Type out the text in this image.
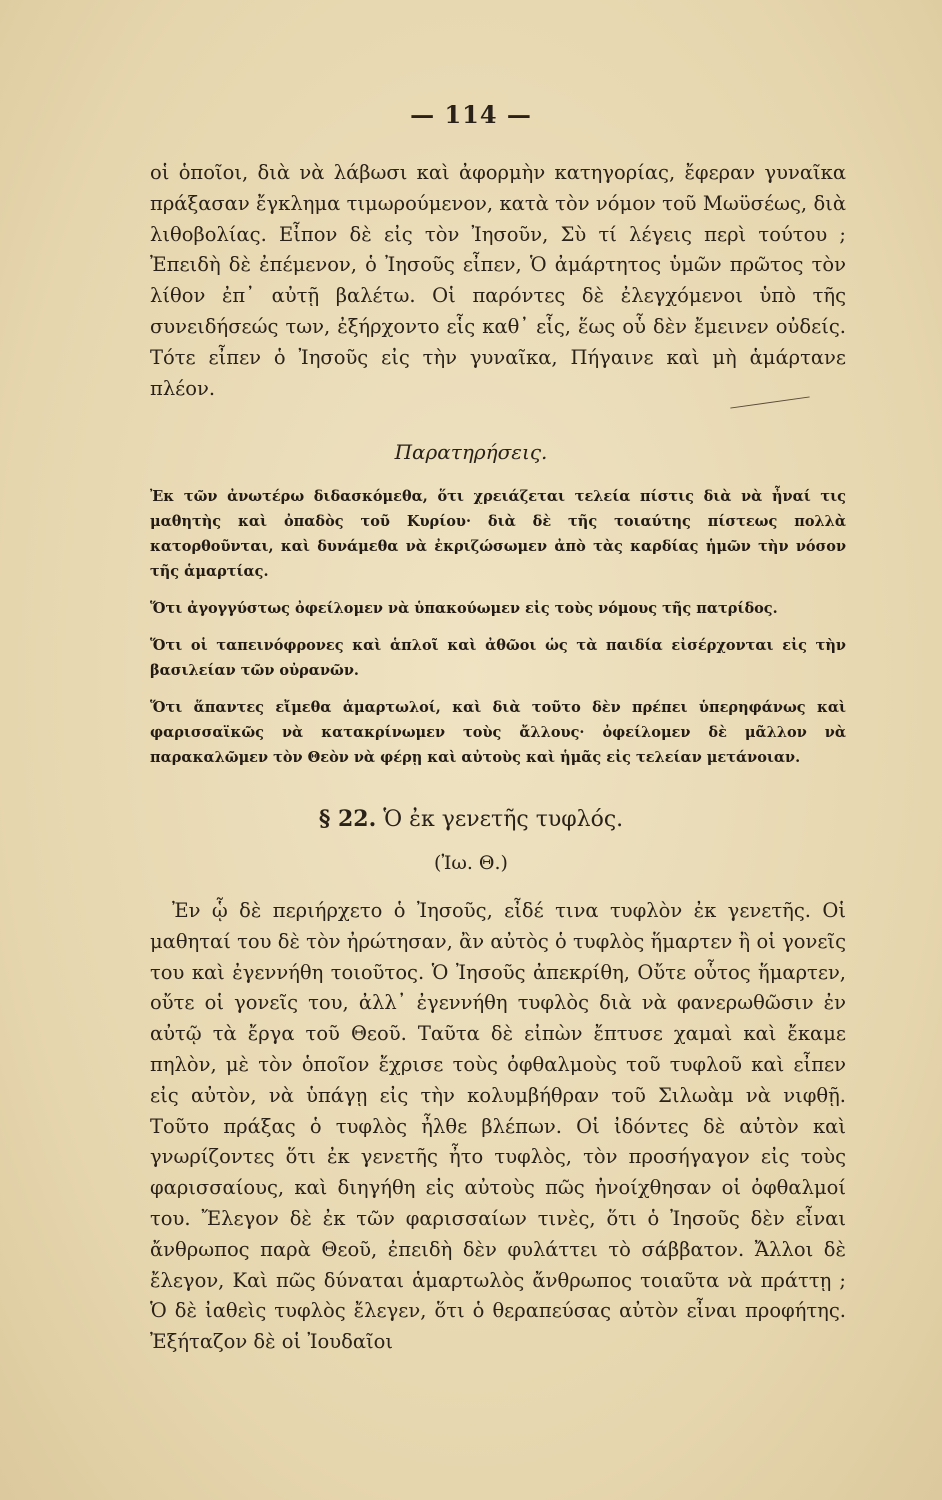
— 114 —

οἱ ὁποῖοι, διὰ νὰ λάβωσι καὶ ἀφορμὴν κατηγορίας, ἔφεραν γυναῖκα πράξασαν ἔγκλημα τιμωρούμενον, κατὰ τὸν νόμον τοῦ Μωϋσέως, διὰ λιθοβολίας. Εἶπον δὲ εἰς τὸν Ἰησοῦν, Σὺ τί λέγεις περὶ τούτου ; Ἐπειδὴ δὲ ἐπέμενον, ὁ Ἰησοῦς εἶπεν, Ὁ ἀμάρτητος ὑμῶν πρῶτος τὸν λίθον ἐπ᾽ αὐτῇ βαλέτω. Οἱ παρόντες δὲ ἐλεγχόμενοι ὑπὸ τῆς συνειδήσεώς των, ἐξήρχοντο εἷς καθ᾽ εἷς, ἕως οὗ δὲν ἔμεινεν οὐδείς. Τότε εἶπεν ὁ Ἰησοῦς εἰς τὴν γυναῖκα, Πήγαινε καὶ μὴ ἁμάρτανε πλέον.

Παρατηρήσεις.

Ἐκ τῶν ἀνωτέρω διδασκόμεθα, ὅτι χρειάζεται τελεία πίστις διὰ νὰ ἦναί τις μαθητὴς καὶ ὀπαδὸς τοῦ Κυρίου· διὰ δὲ τῆς τοιαύτης πίστεως πολλὰ κατορθοῦνται, καὶ δυνάμεθα νὰ ἐκριζώσωμεν ἀπὸ τὰς καρδίας ἡμῶν τὴν νόσον τῆς ἁμαρτίας.

Ὅτι ἀγογγύστως ὀφείλομεν νὰ ὑπακούωμεν εἰς τοὺς νόμους τῆς πατρίδος.

Ὅτι οἱ ταπεινόφρονες καὶ ἁπλοῖ καὶ ἀθῶοι ὡς τὰ παιδία εἰσέρχονται εἰς τὴν βασιλείαν τῶν οὐρανῶν.

Ὅτι ἅπαντες εἴμεθα ἁμαρτωλοί, καὶ διὰ τοῦτο δὲν πρέπει ὑπερηφάνως καὶ φαρισσαϊκῶς νὰ κατακρίνωμεν τοὺς ἄλλους· ὀφείλομεν δὲ μᾶλλον νὰ παρακαλῶμεν τὸν Θεὸν νὰ φέρῃ καὶ αὐτοὺς καὶ ἡμᾶς εἰς τελείαν μετάνοιαν.

§ 22. Ὁ ἐκ γενετῆς τυφλός.
(Ἰω. Θ.)

Ἐν ᾧ δὲ περιήρχετο ὁ Ἰησοῦς, εἶδέ τινα τυφλὸν ἐκ γενετῆς. Οἱ μαθηταί του δὲ τὸν ἠρώτησαν, ἂν αὐτὸς ὁ τυφλὸς ἥμαρτεν ἢ οἱ γονεῖς του καὶ ἐγεννήθη τοιοῦτος. Ὁ Ἰησοῦς ἀπεκρίθη, Οὔτε οὗτος ἥμαρτεν, οὔτε οἱ γονεῖς του, ἀλλ᾽ ἐγεννήθη τυφλὸς διὰ νὰ φανερωθῶσιν ἐν αὐτῷ τὰ ἔργα τοῦ Θεοῦ. Ταῦτα δὲ εἰπὼν ἔπτυσε χαμαὶ καὶ ἔκαμε πηλὸν, μὲ τὸν ὁποῖον ἔχρισε τοὺς ὀφθαλμοὺς τοῦ τυφλοῦ καὶ εἶπεν εἰς αὐτὸν, νὰ ὑπάγῃ εἰς τὴν κολυμβήθραν τοῦ Σιλωὰμ νὰ νιφθῇ. Τοῦτο πράξας ὁ τυφλὸς ἦλθε βλέπων. Οἱ ἰδόντες δὲ αὐτὸν καὶ γνωρίζοντες ὅτι ἐκ γενετῆς ἦτο τυφλὸς, τὸν προσήγαγον εἰς τοὺς φαρισσαίους, καὶ διηγήθη εἰς αὐτοὺς πῶς ἠνοίχθησαν οἱ ὀφθαλμοί του. Ἔλεγον δὲ ἐκ τῶν φαρισσαίων τινὲς, ὅτι ὁ Ἰησοῦς δὲν εἶναι ἄνθρωπος παρὰ Θεοῦ, ἐπειδὴ δὲν φυλάττει τὸ σάββατον. Ἄλλοι δὲ ἔλεγον, Καὶ πῶς δύναται ἁμαρτωλὸς ἄνθρωπος τοιαῦτα νὰ πράττῃ ; Ὁ δὲ ἰαθεὶς τυφλὸς ἔλεγεν, ὅτι ὁ θεραπεύσας αὐτὸν εἶναι προφήτης. Ἐξήταζον δὲ οἱ Ἰουδαῖοι
